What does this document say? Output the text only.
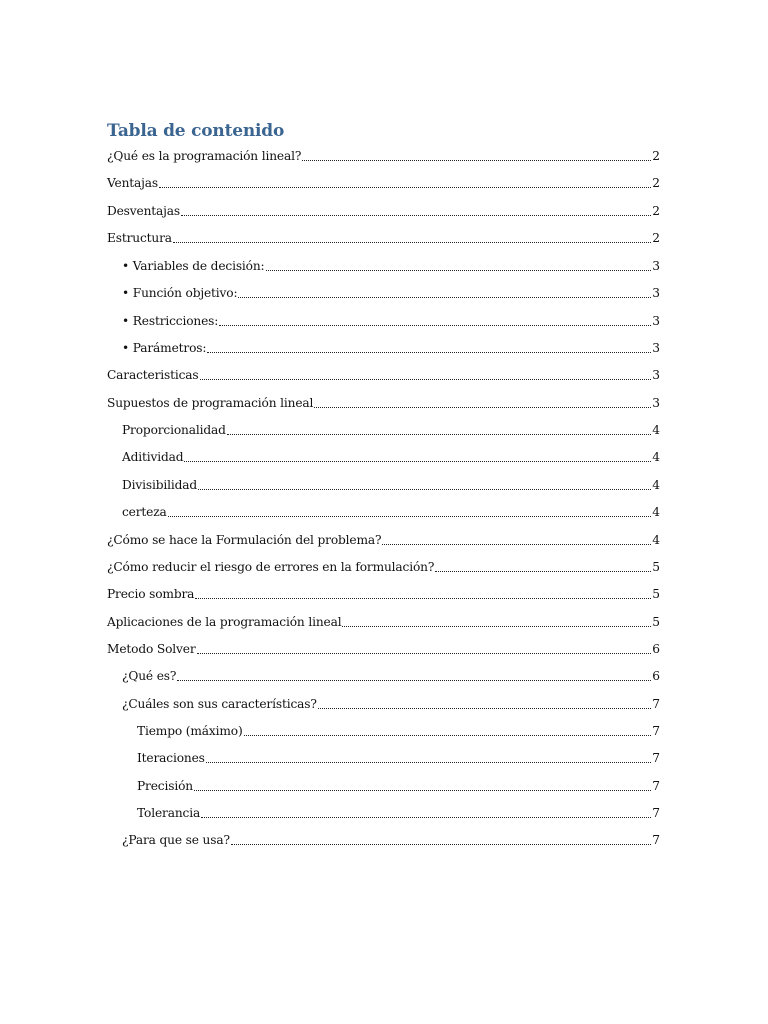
Tabla de contenido
¿Qué es la programación lineal?	2
Ventajas	2
Desventajas	2
Estructura	2
• Variables de decisión:	3
• Función objetivo:	3
• Restricciones:	3
• Parámetros:	3
Caracteristicas	3
Supuestos de programación lineal	3
Proporcionalidad	4
Aditividad	4
Divisibilidad	4
certeza	4
¿Cómo se hace la Formulación del problema?	4
¿Cómo reducir el riesgo de errores en la formulación?	5
Precio sombra	5
Aplicaciones de la programación lineal	5
Metodo Solver	6
¿Qué es?	6
¿Cuáles son sus características?	7
Tiempo (máximo)	7
Iteraciones	7
Precisión	7
Tolerancia	7
¿Para que se usa?	7
